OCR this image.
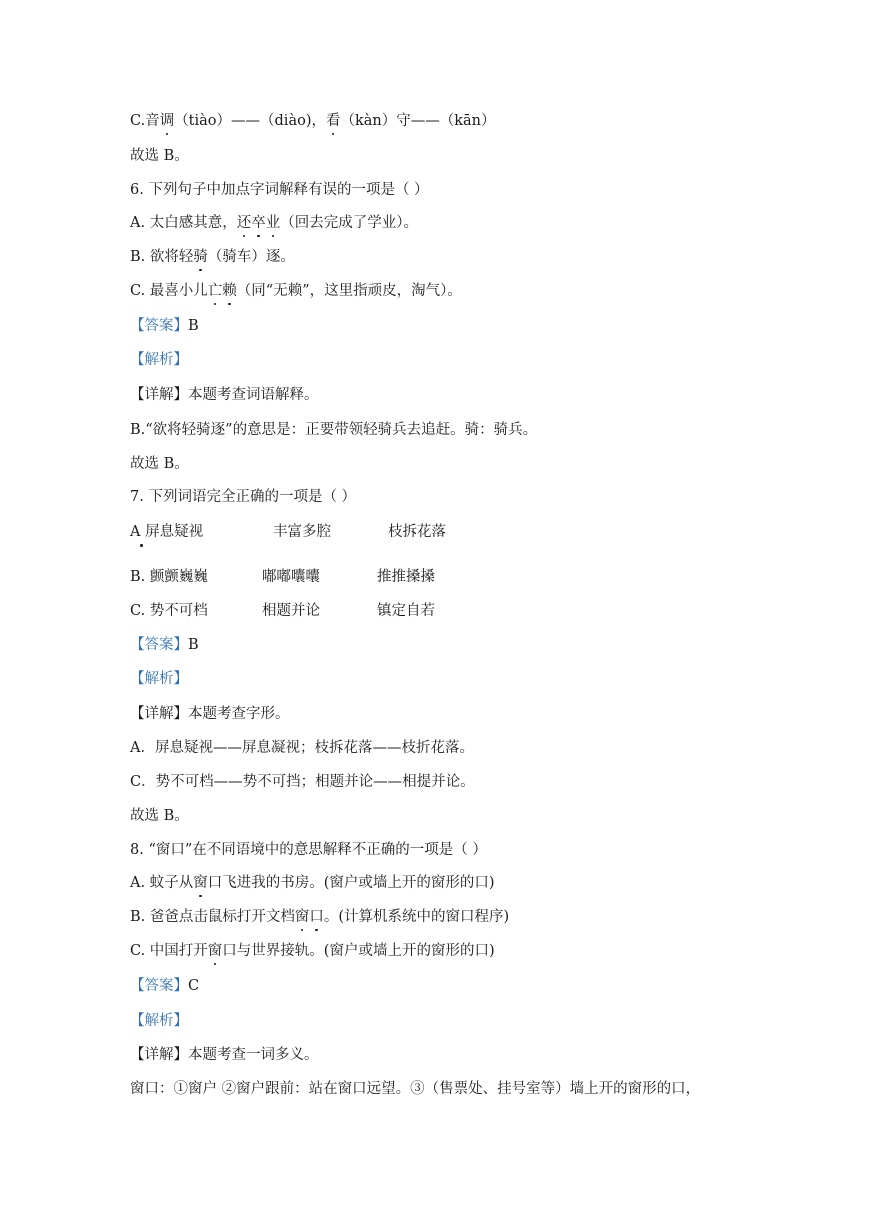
C.音调（tiào）——（diào)，看（kàn）守——（kān）
故选 B。
6. 下列句子中加点字词解释有误的一项是（ ）
A. 太白感其意，还卒业（回去完成了学业）。
B. 欲将轻骑（骑车）逐。
C. 最喜小儿亡赖（同“无赖”，这里指顽皮，淘气）。
【答案】B
【解析】
【详解】本题考查词语解释。
B.“欲将轻骑逐”的意思是：正要带领轻骑兵去追赶。骑：骑兵。
故选 B。
7. 下列词语完全正确的一项是（ ）
A 屏息疑视	丰富多腔	枝拆花落
B. 颤颤巍巍	嘟嘟囔囔	推推搡搡
C. 势不可档	相题并论	镇定自若
【答案】B
【解析】
【详解】本题考查字形。
A．屏息疑视——屏息凝视；枝拆花落——枝折花落。
C．势不可档——势不可挡；相题并论——相提并论。
故选 B。
8. “窗口”在不同语境中的意思解释不正确的一项是（ ）
A. 蚊子从窗口飞进我的书房。(窗户或墙上开的窗形的口)
B. 爸爸点击鼠标打开文档窗口。(计算机系统中的窗口程序)
C. 中国打开窗口与世界接轨。(窗户或墙上开的窗形的口)
【答案】C
【解析】
【详解】本题考查一词多义。
窗口：①窗户 ②窗户跟前：站在窗口远望。③（售票处、挂号室等）墙上开的窗形的口，
